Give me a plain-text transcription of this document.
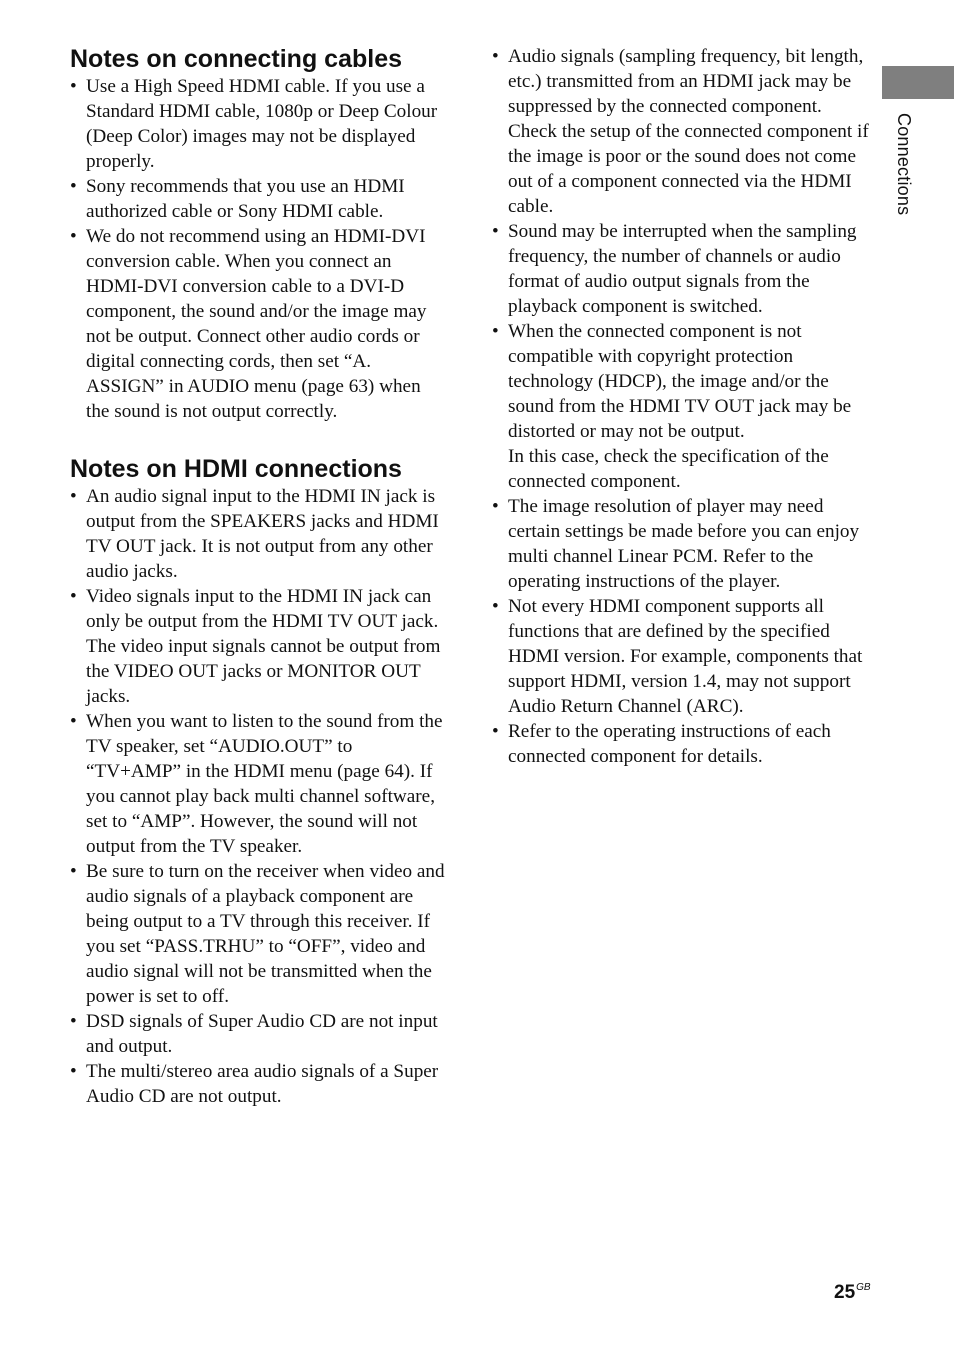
Notes on connecting cables
• Use a High Speed HDMI cable. If you use a Standard HDMI cable, 1080p or Deep Colour (Deep Color) images may not be displayed properly.
• Sony recommends that you use an HDMI authorized cable or Sony HDMI cable.
• We do not recommend using an HDMI-DVI conversion cable. When you connect an HDMI-DVI conversion cable to a DVI-D component, the sound and/or the image may not be output. Connect other audio cords or digital connecting cords, then set “A. ASSIGN” in AUDIO menu (page 63) when the sound is not output correctly.
Notes on HDMI connections
• An audio signal input to the HDMI IN jack is output from the SPEAKERS jacks and HDMI TV OUT jack. It is not output from any other audio jacks.
• Video signals input to the HDMI IN jack can only be output from the HDMI TV OUT jack. The video input signals cannot be output from the VIDEO OUT jacks or MONITOR OUT jacks.
• When you want to listen to the sound from the TV speaker, set “AUDIO.OUT” to “TV+AMP” in the HDMI menu (page 64). If you cannot play back multi channel software, set to “AMP”. However, the sound will not output from the TV speaker.
• Be sure to turn on the receiver when video and audio signals of a playback component are being output to a TV through this receiver. If you set “PASS.TRHU” to “OFF”, video and audio signal will not be transmitted when the power is set to off.
• DSD signals of Super Audio CD are not input and output.
• The multi/stereo area audio signals of a Super Audio CD are not output.
• Audio signals (sampling frequency, bit length, etc.) transmitted from an HDMI jack may be suppressed by the connected component. Check the setup of the connected component if the image is poor or the sound does not come out of a component connected via the HDMI cable.
• Sound may be interrupted when the sampling frequency, the number of channels or audio format of audio output signals from the playback component is switched.
• When the connected component is not compatible with copyright protection technology (HDCP), the image and/or the sound from the HDMI TV OUT jack may be distorted or may not be output.
In this case, check the specification of the connected component.
• The image resolution of player may need certain settings be made before you can enjoy multi channel Linear PCM. Refer to the operating instructions of the player.
• Not every HDMI component supports all functions that are defined by the specified HDMI version. For example, components that support HDMI, version 1.4, may not support Audio Return Channel (ARC).
• Refer to the operating instructions of each connected component for details.
Connections
$25^{GB}$
